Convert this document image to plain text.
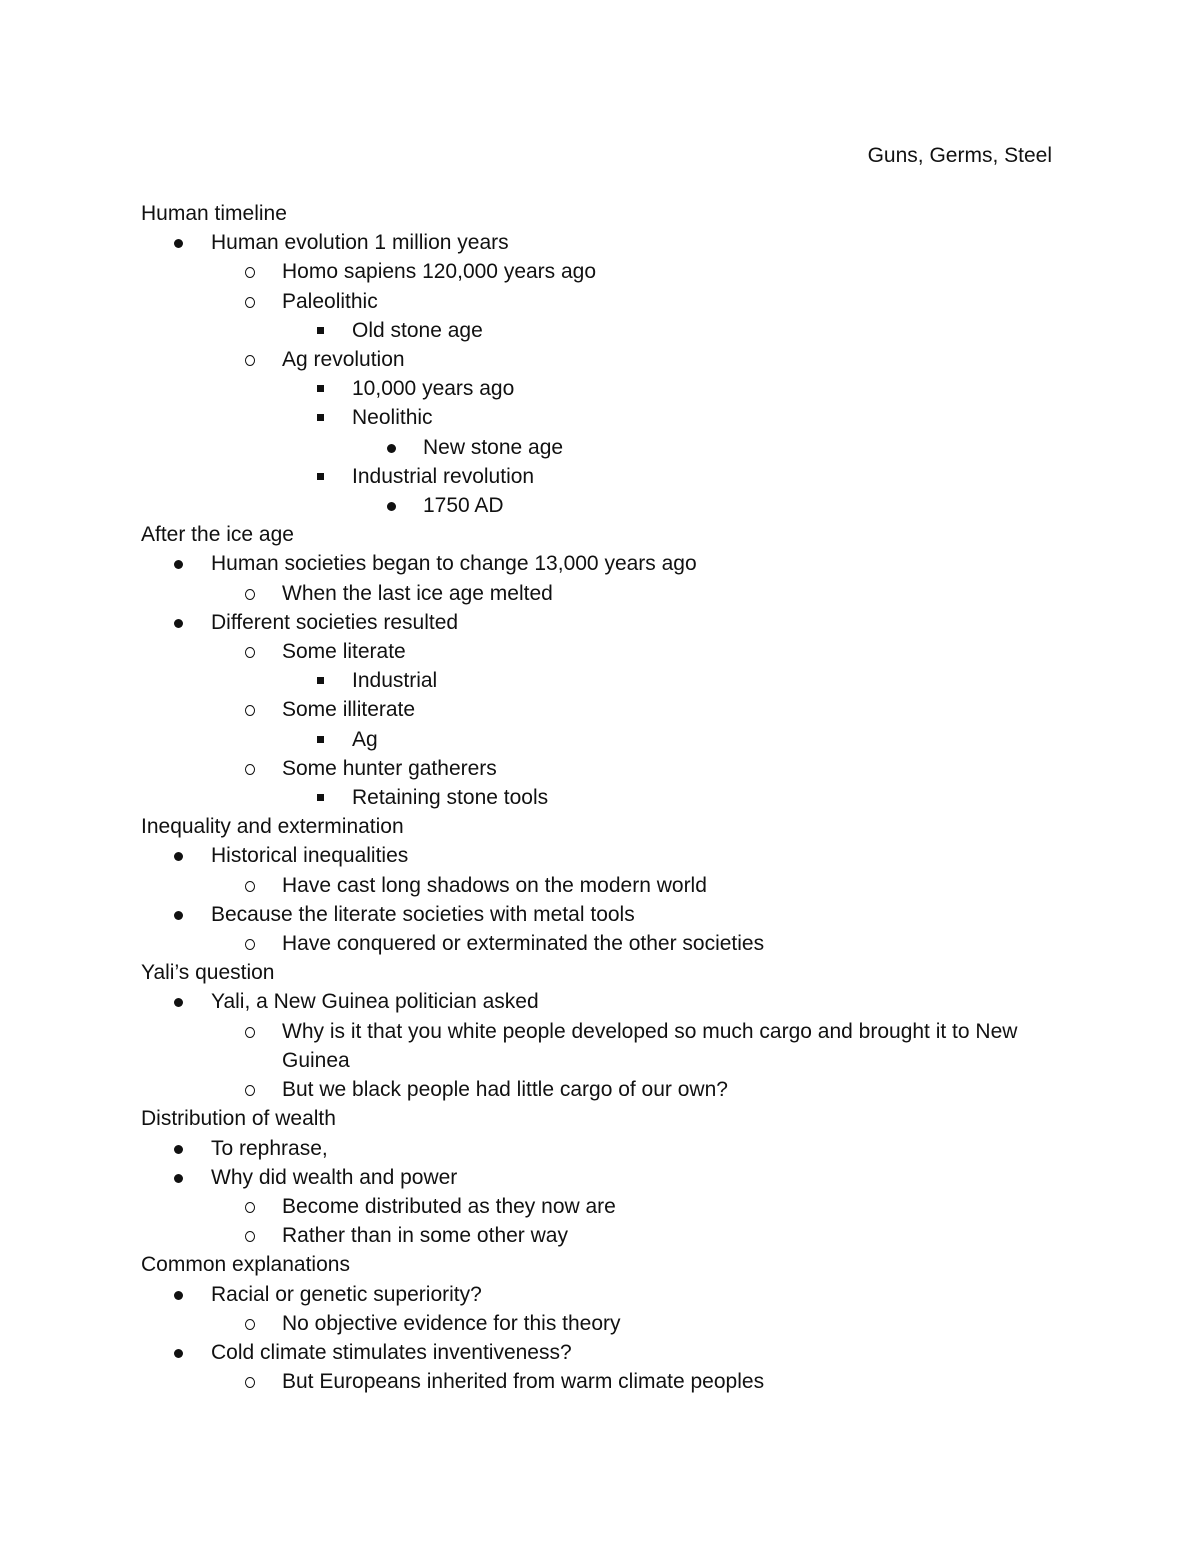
Guns, Germs, Steel
Human timeline
Human evolution 1 million years
Homo sapiens 120,000 years ago
Paleolithic
Old stone age
Ag revolution
10,000 years ago
Neolithic
New stone age
Industrial revolution
1750 AD
After the ice age
Human societies began to change 13,000 years ago
When the last ice age melted
Different societies resulted
Some literate
Industrial
Some illiterate
Ag
Some hunter gatherers
Retaining stone tools
Inequality and extermination
Historical inequalities
Have cast long shadows on the modern world
Because the literate societies with metal tools
Have conquered or exterminated the other societies
Yali’s question
Yali, a New Guinea politician asked
Why is it that you white people developed so much cargo and brought it to New Guinea
But we black people had little cargo of our own?
Distribution of wealth
To rephrase,
Why did wealth and power
Become distributed as they now are
Rather than in some other way
Common explanations
Racial or genetic superiority?
No objective evidence for this theory
Cold climate stimulates inventiveness?
But Europeans inherited from warm climate peoples
